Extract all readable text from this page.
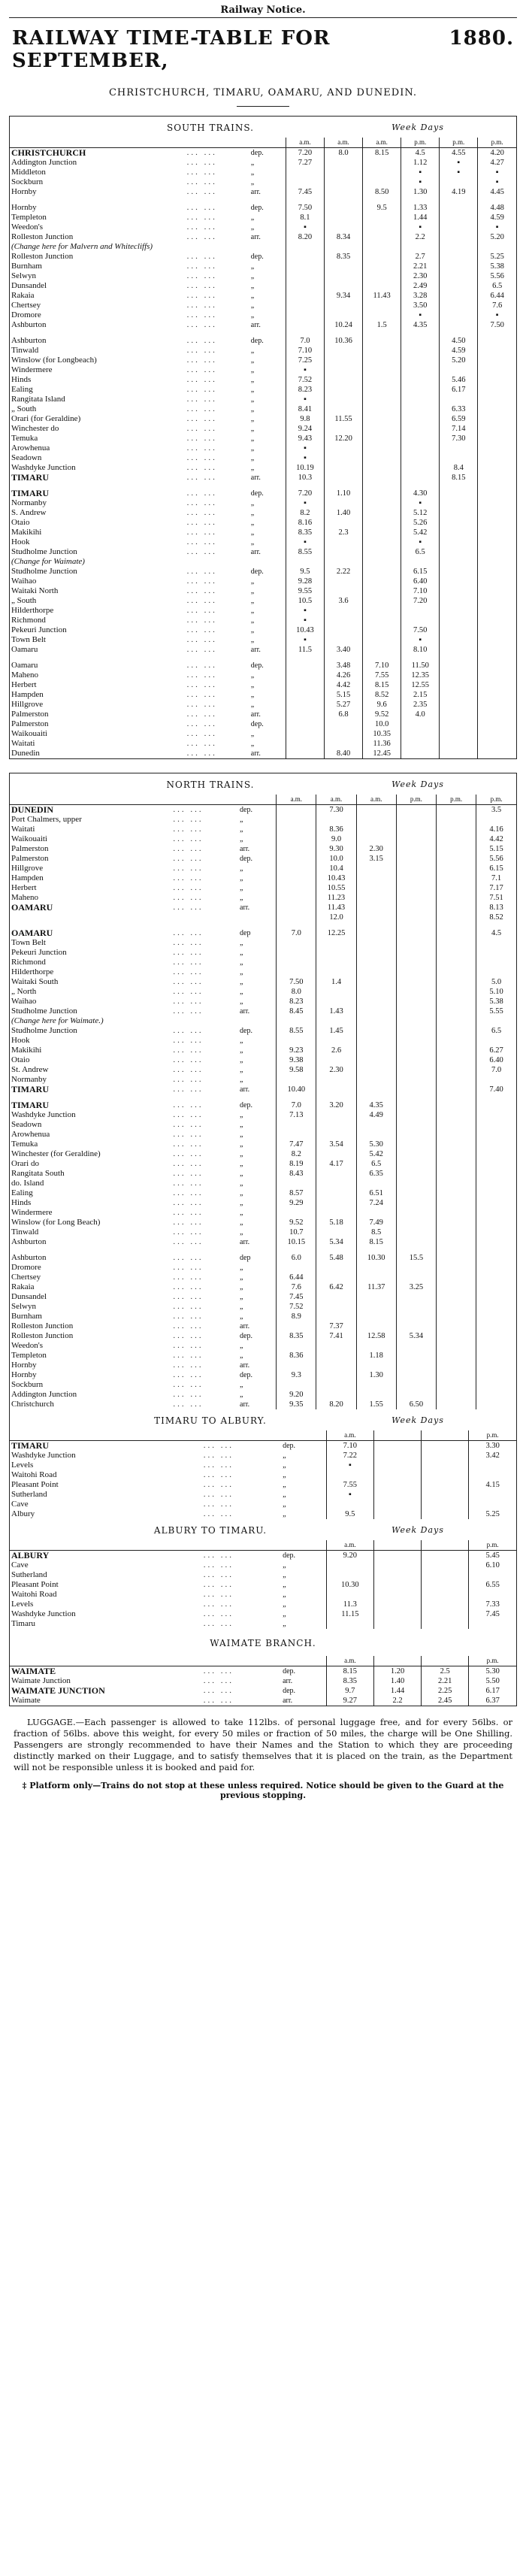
Railway Notice.
RAILWAY TIME-TABLE FOR SEPTEMBER,
1880.
CHRISTCHURCH, TIMARU, OAMARU, AND DUNEDIN.
SOUTH TRAINS.	Week Days
			a.m.	a.m.	a.m.	p.m.	p.m.	p.m.
CHRISTCHURCH	... ...	dep.	7.20	8.0	8.15	4.5	4.55	4.20
Addington Junction	... ...	„	7.27			1.12	▪	4.27
Middleton	... ...	„				▪	▪	▪
Sockburn	... ...	„				▪		▪
Hornby	... ...	arr.	7.45		8.50	1.30	4.19	4.45

Hornby	... ...	dep.	7.50		9.5	1.33		4.48
Templeton	... ...	„	8.1			1.44		4.59
Weedon's	... ...	„	▪			▪		▪
Rolleston Junction	... ...	arr.	8.20	8.34		2.2		5.20
(Change here for Malvern and Whitecliffs)								
Rolleston Junction	... ...	dep.		8.35		2.7		5.25
Burnham	... ...	„				2.21		5.38
Selwyn	... ...	„				2.30		5.56
Dunsandel	... ...	„				2.49		6.5
Rakaia	... ...	„		9.34	11.43	3.28		6.44
Chertsey	... ...	„				3.50		7.6
Dromore	... ...	„				▪		▪
Ashburton	... ...	arr.		10.24	1.5	4.35		7.50

Ashburton	... ...	dep.	7.0	10.36			4.50	
Tinwald	... ...	„	7.10				4.59	
Winslow (for Longbeach)	... ...	„	7.25				5.20	
Windermere	... ...	„	▪					
Hinds	... ...	„	7.52				5.46	
Ealing	... ...	„	8.23				6.17	
Rangitata Island	... ...	„	▪					
„ South	... ...	„	8.41				6.33	
Orari (for Geraldine)	... ...	„	9.8	11.55			6.59	
Winchester do	... ...	„	9.24				7.14	
Temuka	... ...	„	9.43	12.20			7.30	
Arowhenua	... ...	„	▪					
Seadown	... ...	„	▪					
Washdyke Junction	... ...	„	10.19				8.4	
TIMARU	... ...	arr.	10.3				8.15	

TIMARU	... ...	dep.	7.20	1.10		4.30		
Normanby	... ...	„	▪			▪		
S. Andrew	... ...	„	8.2	1.40		5.12		
Otaio	... ...	„	8.16			5.26		
Makikihi	... ...	„	8.35	2.3		5.42		
Hook	... ...	„	▪			▪		
Studholme Junction	... ...	arr.	8.55			6.5		
(Change for Waimate)								
Studholme Junction	... ...	dep.	9.5	2.22		6.15		
Waihao	... ...	„	9.28			6.40		
Waitaki North	... ...	„	9.55			7.10		
„ South	... ...	„	10.5	3.6		7.20		
Hilderthorpe	... ...	„	▪					
Richmond	... ...	„	▪					
Pekeuri Junction	... ...	„	10.43			7.50		
Town Belt	... ...	„	▪			▪		
Oamaru	... ...	arr.	11.5	3.40		8.10		

Oamaru	... ...	dep.		3.48	7.10	11.50		
Maheno	... ...	„		4.26	7.55	12.35		
Herbert	... ...	„		4.42	8.15	12.55		
Hampden	... ...	„		5.15	8.52	2.15		
Hillgrove	... ...	„		5.27	9.6	2.35		
Palmerston	... ...	arr.		6.8	9.52	4.0		
Palmerston	... ...	dep.			10.0			
Waikouaiti	... ...	„			10.35			
Waitati	... ...	„			11.36			
Dunedin	... ...	arr.		8.40	12.45			
NORTH TRAINS.	Week Days
			a.m.	a.m.	a.m.	p.m.	p.m.	p.m.
DUNEDIN	... ...	dep.		7.30				3.5
Port Chalmers, upper	... ...	„						
Waitati	... ...	„		8.36				4.16
Waikouaiti	... ...	„		9.0				4.42
Palmerston	... ...	arr.		9.30	2.30			5.15
Palmerston	... ...	dep.		10.0	3.15			5.56
Hillgrove	... ...	„		10.4				6.15
Hampden	... ...	„		10.43				7.1
Herbert	... ...	„		10.55				7.17
Maheno	... ...	„		11.23				7.51
OAMARU	... ...	arr.		11.43				8.13
				12.0				8.52

OAMARU	... ...	dep	7.0	12.25				4.5
Town Belt	... ...	„						
Pekeuri Junction	... ...	„						
Richmond	... ...	„						
Hilderthorpe	... ...	„						
Waitaki South	... ...	„	7.50	1.4				5.0
„ North	... ...	„	8.0					5.10
Waihao	... ...	„	8.23					5.38
Studholme Junction	... ...	arr.	8.45	1.43				5.55
(Change here for Waimate.)								
Studholme Junction	... ...	dep.	8.55	1.45				6.5
Hook	... ...	„						
Makikihi	... ...	„	9.23	2.6				6.27
Otaio	... ...	„	9.38					6.40
St. Andrew	... ...	„	9.58	2.30				7.0
Normanby	... ...	„						
TIMARU	... ...	arr.	10.40					7.40

TIMARU	... ...	dep.	7.0	3.20	4.35			
Washdyke Junction	... ...	„	7.13		4.49			
Seadown	... ...	„						
Arowhenua	... ...	„						
Temuka	... ...	„	7.47	3.54	5.30			
Winchester (for Geraldine)	... ...	„	8.2		5.42			
Orari do	... ...	„	8.19	4.17	6.5			
Rangitata South	... ...	„	8.43		6.35			
do. Island	... ...	„						
Ealing	... ...	„	8.57		6.51			
Hinds	... ...	„	9.29		7.24			
Windermere	... ...	„						
Winslow (for Long Beach)	... ...	„	9.52	5.18	7.49			
Tinwald	... ...	„	10.7		8.5			
Ashburton	... ...	arr.	10.15	5.34	8.15			

Ashburton	... ...	dep	6.0	5.48	10.30	15.5		
Dromore	... ...	„						
Chertsey	... ...	„	6.44					
Rakaia	... ...	„	7.6	6.42	11.37	3.25		
Dunsandel	... ...	„	7.45					
Selwyn	... ...	„	7.52					
Burnham	... ...	„	8.9					
Rolleston Junction	... ...	arr.		7.37				
Rolleston Junction	... ...	dep.	8.35	7.41	12.58	5.34		
Weedon's	... ...	„						
Templeton	... ...	„	8.36		1.18			
Hornby	... ...	arr.						
Hornby	... ...	dep.	9.3		1.30			
Sockburn	... ...	„						
Addington Junction	... ...	„	9.20					
Christchurch	... ...	arr.	9.35	8.20	1.55	6.50		
TIMARU TO ALBURY.	Week Days
			a.m.			p.m.
TIMARU	... ...	dep.	7.10			3.30
Washdyke Junction	... ...	„	7.22			3.42
Levels	... ...	„	▪			
Waitohi Road	... ...	„				
Pleasant Point	... ...	„	7.55			4.15
Sutherland	... ...	„	▪			
Cave	... ...	„				
Albury	... ...	„	9.5			5.25
ALBURY TO TIMARU.	Week Days
			a.m.			p.m.
ALBURY	... ...	dep.	9.20			5.45
Cave	... ...	„				6.10
Sutherland	... ...	„				
Pleasant Point	... ...	„	10.30			6.55
Waitohi Road	... ...	„				
Levels	... ...	„	11.3			7.33
Washdyke Junction	... ...	„	11.15			7.45
Timaru	... ...	„				
WAIMATE BRANCH.
			a.m.			p.m.
WAIMATE	... ...	dep.	8.15	1.20	2.5	5.30
Waimate Junction	... ...	arr.	8.35	1.40	2.21	5.50
WAIMATE JUNCTION	... ...	dep.	9.7	1.44	2.25	6.17
Waimate	... ...	arr.	9.27	2.2	2.45	6.37
LUGGAGE.—Each passenger is allowed to take 112lbs. of personal luggage free, and for every 56lbs. or fraction of 56lbs. above this weight, for every 50 miles or fraction of 50 miles, the charge will be One Shilling. Passengers are strongly recommended to have their Names and the Station to which they are proceeding distinctly marked on their Luggage, and to satisfy themselves that it is placed on the train, as the Department will not be responsible unless it is booked and paid for.
‡ Platform only—Trains do not stop at these unless required. Notice should be given to the Guard at the previous stopping.
